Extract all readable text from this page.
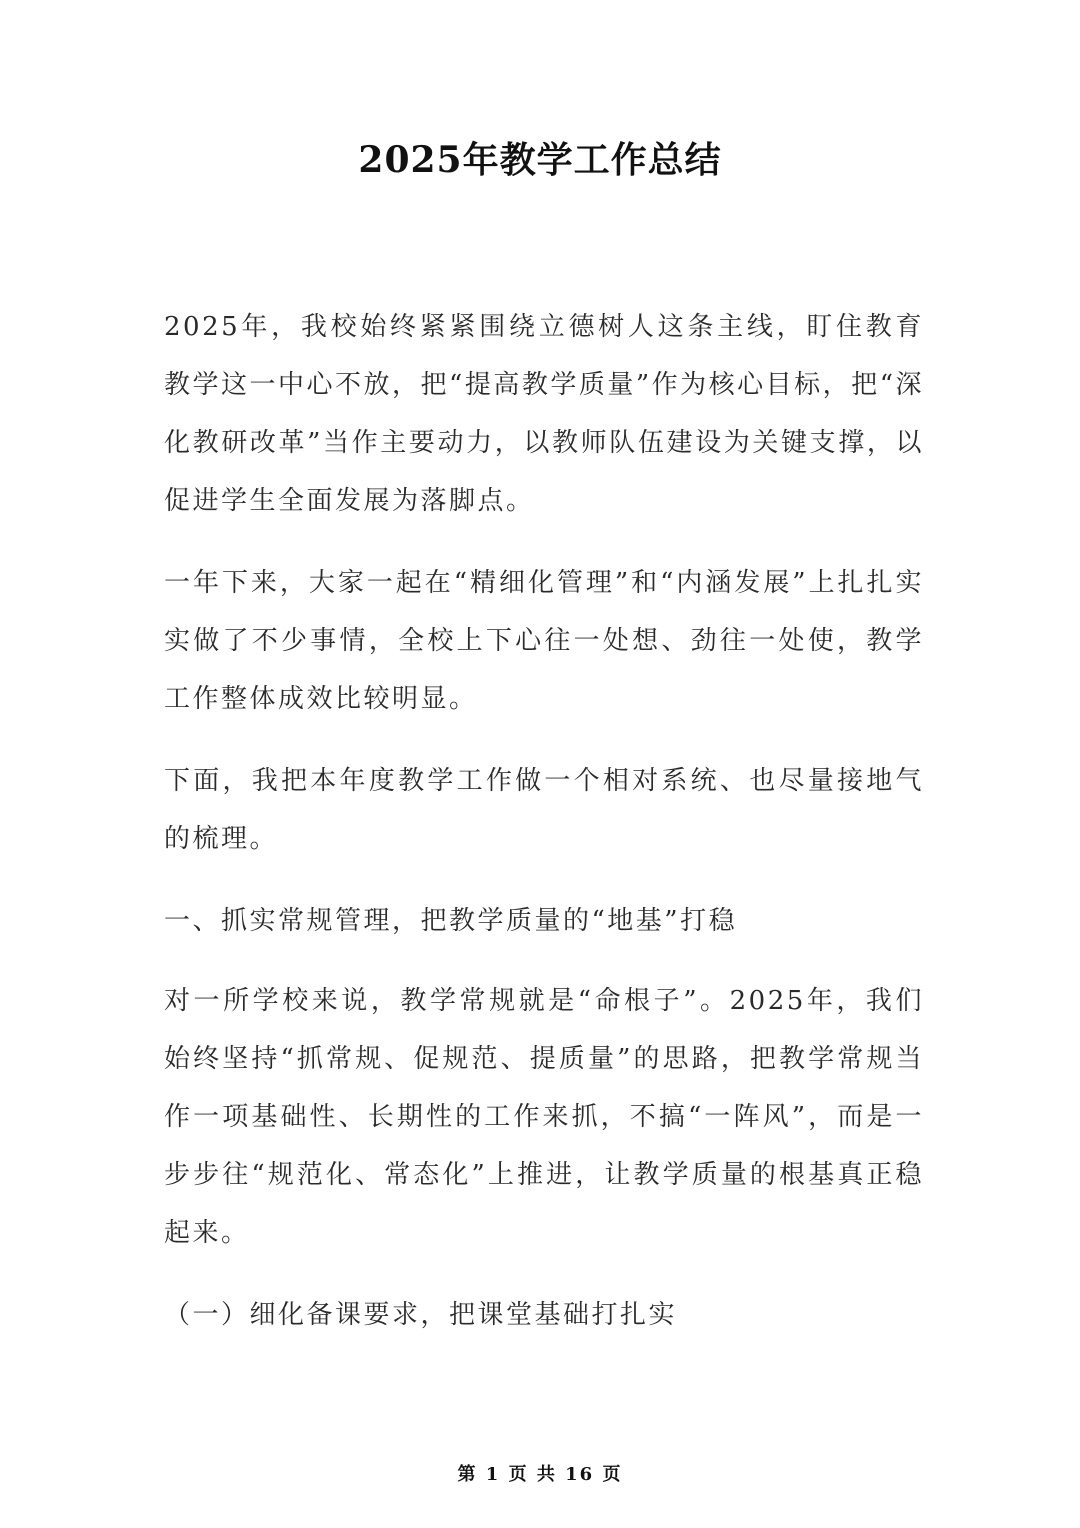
2025年教学工作总结

2025年，我校始终紧紧围绕立德树人这条主线，盯住教育教学这一中心不放，把“提高教学质量”作为核心目标，把“深化教研改革”当作主要动力，以教师队伍建设为关键支撑，以促进学生全面发展为落脚点。

一年下来，大家一起在“精细化管理”和“内涵发展”上扎扎实实做了不少事情，全校上下心往一处想、劲往一处使，教学工作整体成效比较明显。

下面，我把本年度教学工作做一个相对系统、也尽量接地气的梳理。

一、抓实常规管理，把教学质量的“地基”打稳

对一所学校来说，教学常规就是“命根子”。2025年，我们始终坚持“抓常规、促规范、提质量”的思路，把教学常规当作一项基础性、长期性的工作来抓，不搞“一阵风”，而是一步步往“规范化、常态化”上推进，让教学质量的根基真正稳起来。

（一）细化备课要求，把课堂基础打扎实

第 1 页 共 16 页
